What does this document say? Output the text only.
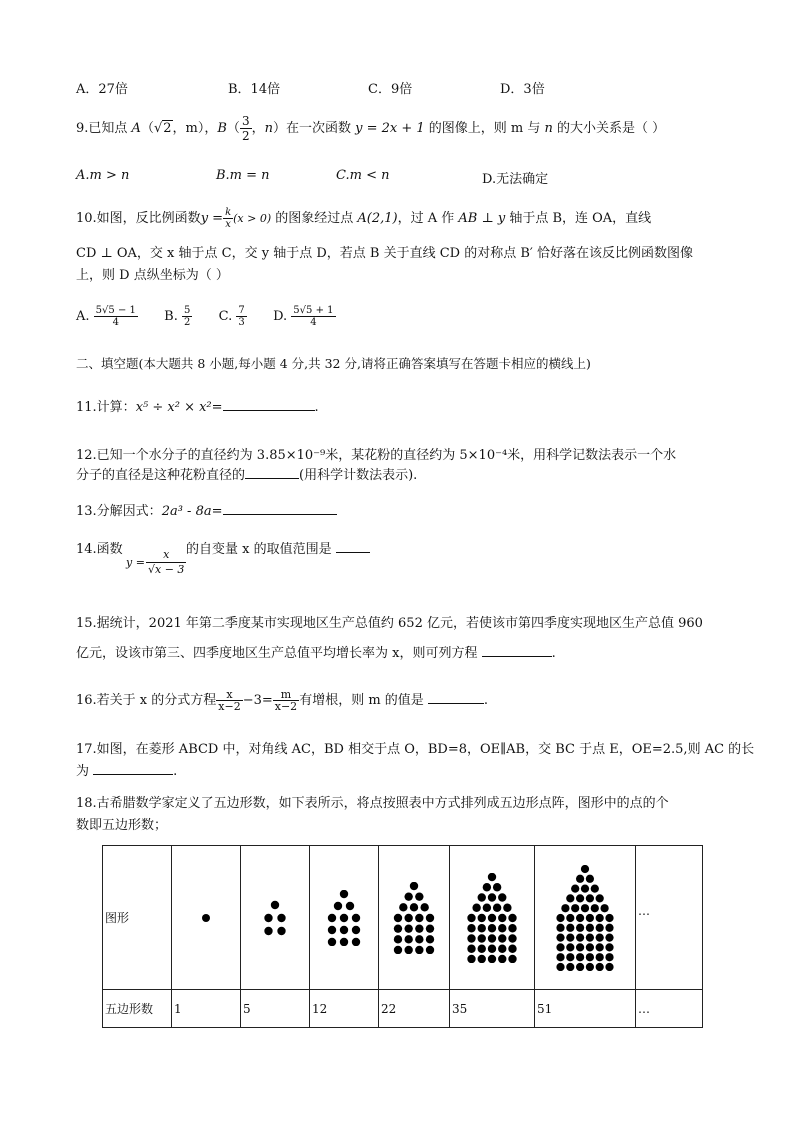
A．27倍	B．14倍	C．9倍	D．3倍
9.已知点 A（√2，m），$B( \frac{3}{2}$ ，n）在一次函数 y = 2x + 1 的图像上，则 m 与 n 的大小关系是（ ）
A.m > n	B.m = n	C.m < n	D.无法确定
10.如图，反比例函数$y = \frac{k}{x} (x > 0)$ 的图象经过点 A(2,1)，过 A 作 AB ⊥ y 轴于点 B，连 OA，直线
CD ⊥ OA，交 x 轴于点 C，交 y 轴于点 D，若点 B 关于直线 CD 的对称点 B′ 恰好落在该反比例函数图像
上，则 D 点纵坐标为（ ）
A. $\frac{5√5 - 1}{4} B$. $\frac{5}{2} C$. $\frac{7}{3} D$. $\frac{5√5 + 1}{4}$
二、填空题(本大题共 8 小题,每小题 4 分,共 32 分,请将正确答案填写在答题卡相应的横线上)
11.计算：x⁵ ÷ x² × x²=	.
12.已知一个水分子的直径约为 3.85×10⁻⁹米，某花粉的直径约为 5×10⁻⁴米，用科学记数法表示一个水
分子的直径是这种花粉直径的	(用科学计数法表示).
13.分解因式：2a³ - 8a=
14.函数
$y = \frac{x}{√x - 3}$ 的自变量 x 的取值范围是
15.据统计，2021 年第二季度某市实现地区生产总值约 652 亿元，若使该市第四季度实现地区生产总值 960
亿元，设该市第三、四季度地区生产总值平均增长率为 x，则可列方程	.
16.若关于 x 的分式方程 $\frac{x}{x-2} -3= \frac{m}{x-2}$ 有增根，则 m 的值是	.
17.如图，在菱形 ABCD 中，对角线 AC，BD 相交于点 O，BD=8，OE∥AB，交 BC 于点 E，OE=2.5,则 AC 的长
为	.
18.古希腊数学家定义了五边形数，如下表所示，将点按照表中方式排列成五边形点阵，图形中的点的个
数即五边形数；
图形							…
五边形数	1	5	12	22	35	51	…
